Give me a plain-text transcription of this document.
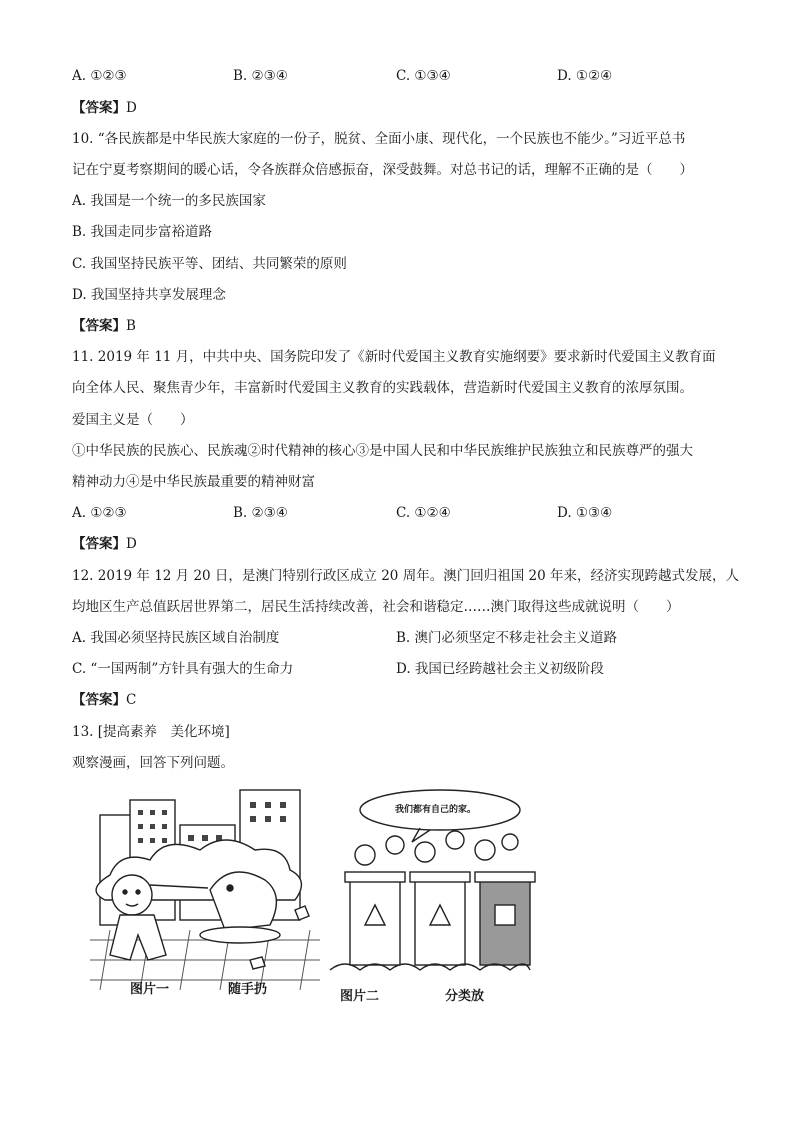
A. ①②③	B. ②③④	C. ①③④	D. ①②④
【答案】D
10. “各民族都是中华民族大家庭的一份子，脱贫、全面小康、现代化，一个民族也不能少。”习近平总书
记在宁夏考察期间的暖心话，令各族群众倍感振奋，深受鼓舞。对总书记的话，理解不正确的是（　　）
A. 我国是一个统一的多民族国家
B. 我国走同步富裕道路
C. 我国坚持民族平等、团结、共同繁荣的原则
D. 我国坚持共享发展理念
【答案】B
11. 2019 年 11 月，中共中央、国务院印发了《新时代爱国主义教育实施纲要》要求新时代爱国主义教育面
向全体人民、聚焦青少年，丰富新时代爱国主义教育的实践载体，营造新时代爱国主义教育的浓厚氛围。
爱国主义是（　　）
①中华民族的民族心、民族魂②时代精神的核心③是中国人民和中华民族维护民族独立和民族尊严的强大
精神动力④是中华民族最重要的精神财富
A. ①②③	B. ②③④	C. ①②④	D. ①③④
【答案】D
12. 2019 年 12 月 20 日，是澳门特别行政区成立 20 周年。澳门回归祖国 20 年来，经济实现跨越式发展，人
均地区生产总值跃居世界第二，居民生活持续改善，社会和谐稳定……澳门取得这些成就说明（　　）
A. 我国必须坚持民族区域自治制度	B. 澳门必须坚定不移走社会主义道路
C. “一国两制”方针具有强大的生命力	D. 我国已经跨越社会主义初级阶段
【答案】C
13. [提高素养　美化环境]
观察漫画，回答下列问题。
图片一	随手扔	图片二	分类放
我们都有自己的家。
